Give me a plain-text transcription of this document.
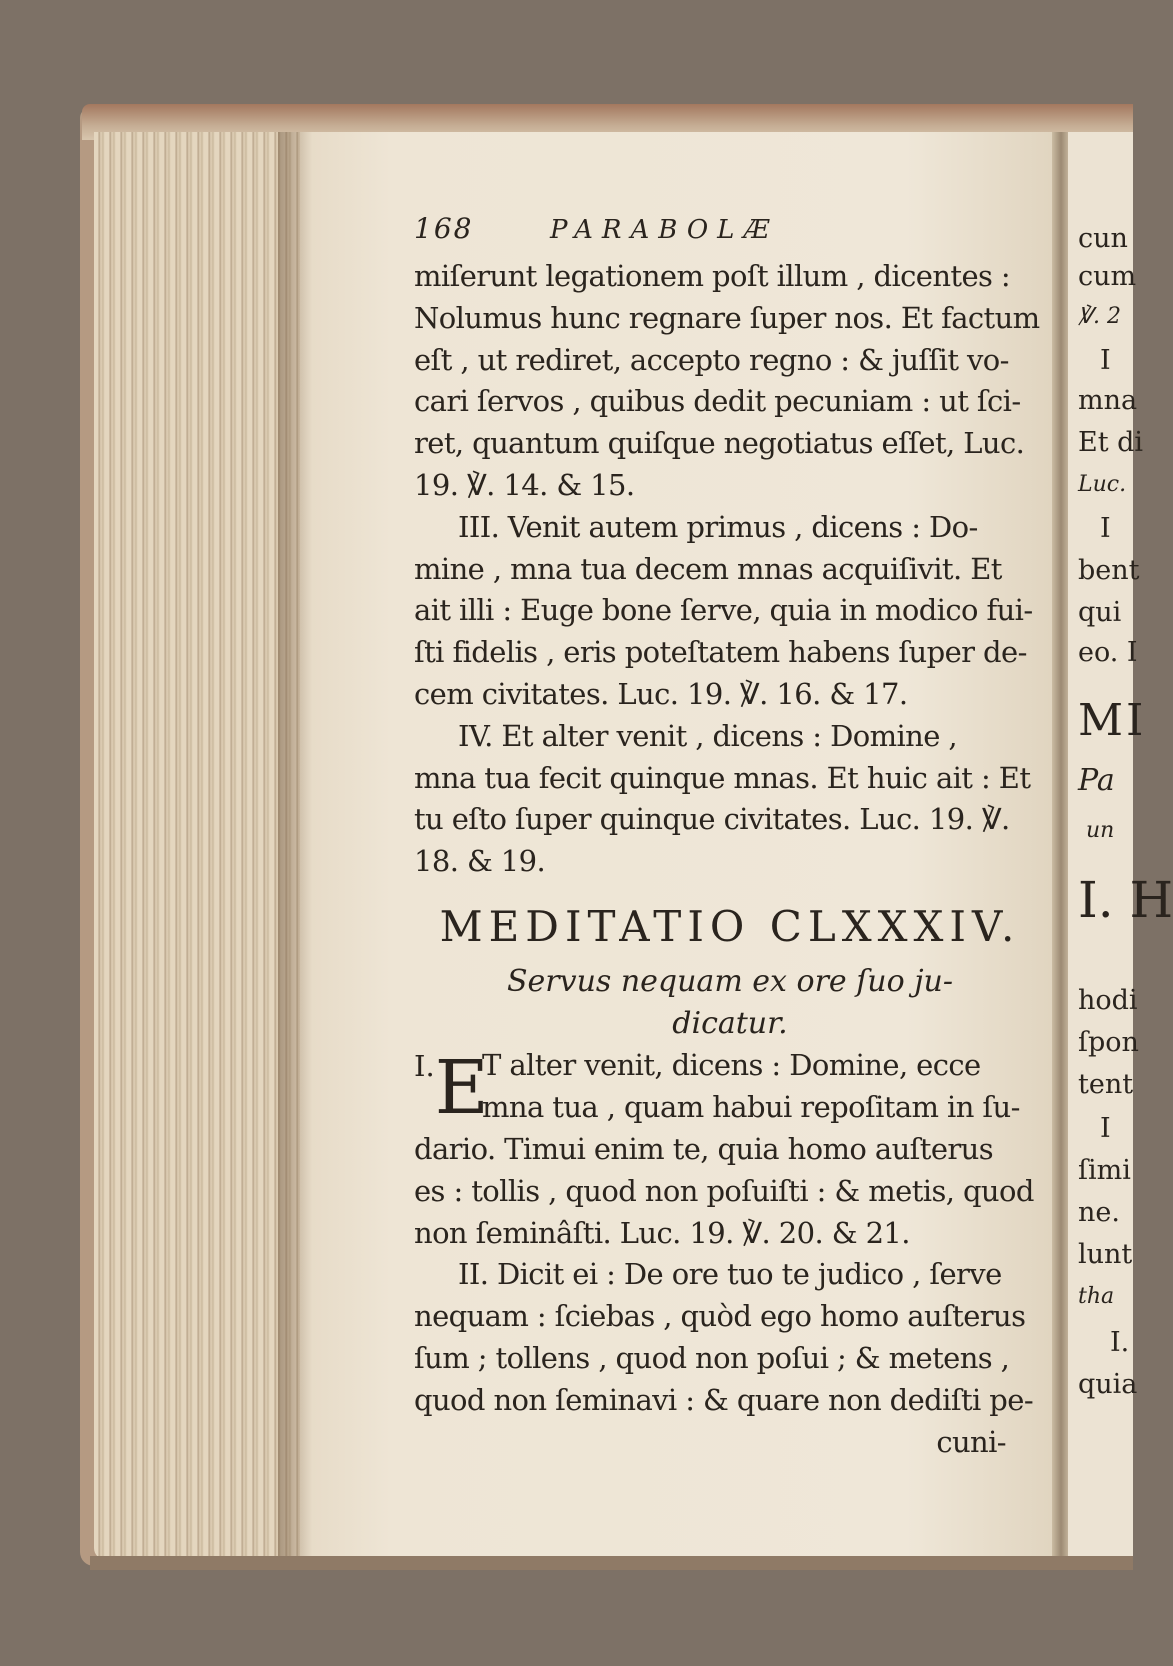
168	PARABOLÆ
miſerunt legationem poſt illum , dicentes :
Nolumus hunc regnare ſuper nos. Et factum
eſt , ut rediret, accepto regno : & juſſit vo-
cari ſervos , quibus dedit pecuniam : ut ſci-
ret, quantum quiſque negotiatus eſſet, Luc.
19. ℣. 14. & 15.
III. Venit autem primus , dicens : Do-
mine , mna tua decem mnas acquiſivit. Et
ait illi : Euge bone ſerve, quia in modico fui-
ſti fidelis , eris poteſtatem habens ſuper de-
cem civitates. Luc. 19. ℣. 16. & 17.
IV. Et alter venit , dicens : Domine ,
mna tua fecit quinque mnas. Et huic ait : Et
tu eſto ſuper quinque civitates. Luc. 19. ℣.
18. & 19.
MEDITATIO CLXXXIV.
Servus nequam ex ore ſuo ju-
dicatur.
$^{I.}$E
T alter venit, dicens : Domine, ecce
mna tua , quam habui repoſitam in ſu-
dario. Timui enim te, quia homo auſterus
es : tollis , quod non poſuiſti : & metis, quod
non ſeminâſti. Luc. 19. ℣. 20. & 21.
II. Dicit ei : De ore tuo te judico , ſerve
nequam : ſciebas , quòd ego homo auſterus
ſum ; tollens , quod non poſui ; & metens ,
quod non ſeminavi : & quare non dediſti pe-
cuni-
cun
cum
℣. 2
I
mna
Et di
Luc.
I
bent
qui
eo. I
MI
Pa
un
I. H
hodi
ſpon
tent
I
ſimi
ne.
lunt
tha
I.
quia
